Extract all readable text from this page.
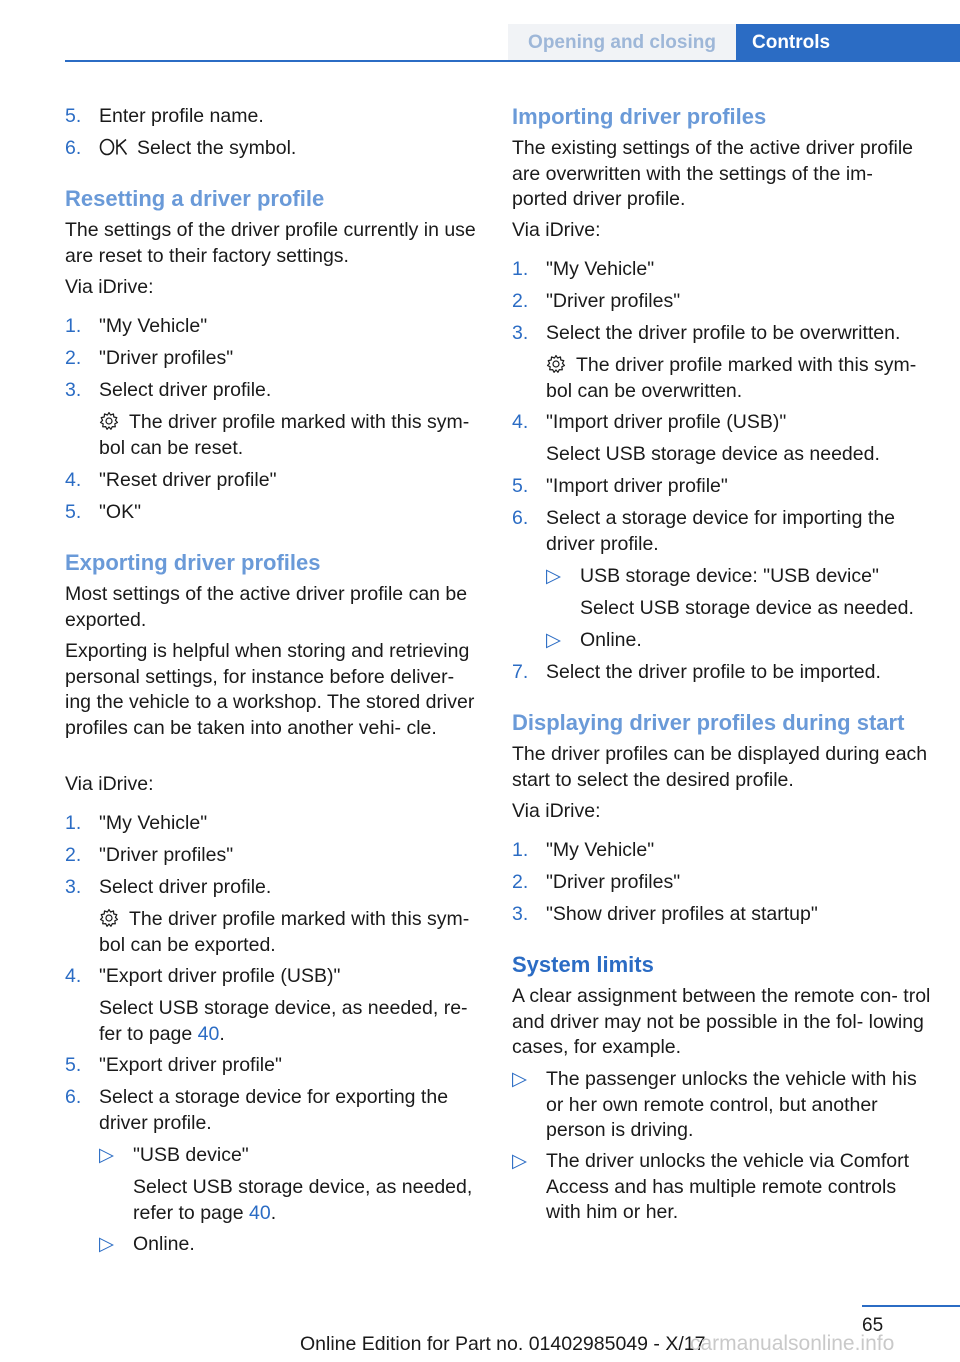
Opening and closing	Controls
5. Enter profile name.
6.	Select the symbol.
Resetting a driver profile
The settings of the driver profile currently in use are reset to their factory settings.
Via iDrive:
1. "My Vehicle"
2. "Driver profiles"
3. Select driver profile.
The driver profile marked with this sym‐ bol can be reset.
4. "Reset driver profile"
5. "OK"
Exporting driver profiles
Most settings of the active driver profile can be exported.
Exporting is helpful when storing and retrieving personal settings, for instance before deliver‐ ing the vehicle to a workshop. The stored driver profiles can be taken into another vehi‐ cle.
Via iDrive:
1. "My Vehicle"
2. "Driver profiles"
3. Select driver profile.
The driver profile marked with this sym‐ bol can be exported.
4. "Export driver profile (USB)"
Select USB storage device, as needed, re‐ fer to page 40.
5. "Export driver profile"
6. Select a storage device for exporting the driver profile.
▷ "USB device"
Select USB storage device, as needed, refer to page 40.
▷ Online.
Importing driver profiles
The existing settings of the active driver profile are overwritten with the settings of the im‐ ported driver profile.
Via iDrive:
1. "My Vehicle"
2. "Driver profiles"
3. Select the driver profile to be overwritten.
The driver profile marked with this sym‐ bol can be overwritten.
4. "Import driver profile (USB)"
Select USB storage device as needed.
5. "Import driver profile"
6. Select a storage device for importing the driver profile.
▷ USB storage device: "USB device"
Select USB storage device as needed.
▷ Online.
7. Select the driver profile to be imported.
Displaying driver profiles during start
The driver profiles can be displayed during each start to select the desired profile.
Via iDrive:
1. "My Vehicle"
2. "Driver profiles"
3. "Show driver profiles at startup"
System limits
A clear assignment between the remote con‐ trol and driver may not be possible in the fol‐ lowing cases, for example.
▷ The passenger unlocks the vehicle with his or her own remote control, but another person is driving.
▷ The driver unlocks the vehicle via Comfort Access and has multiple remote controls with him or her.
65
Online Edition for Part no. 01402985049 - X/17
carmanualsonline.info
